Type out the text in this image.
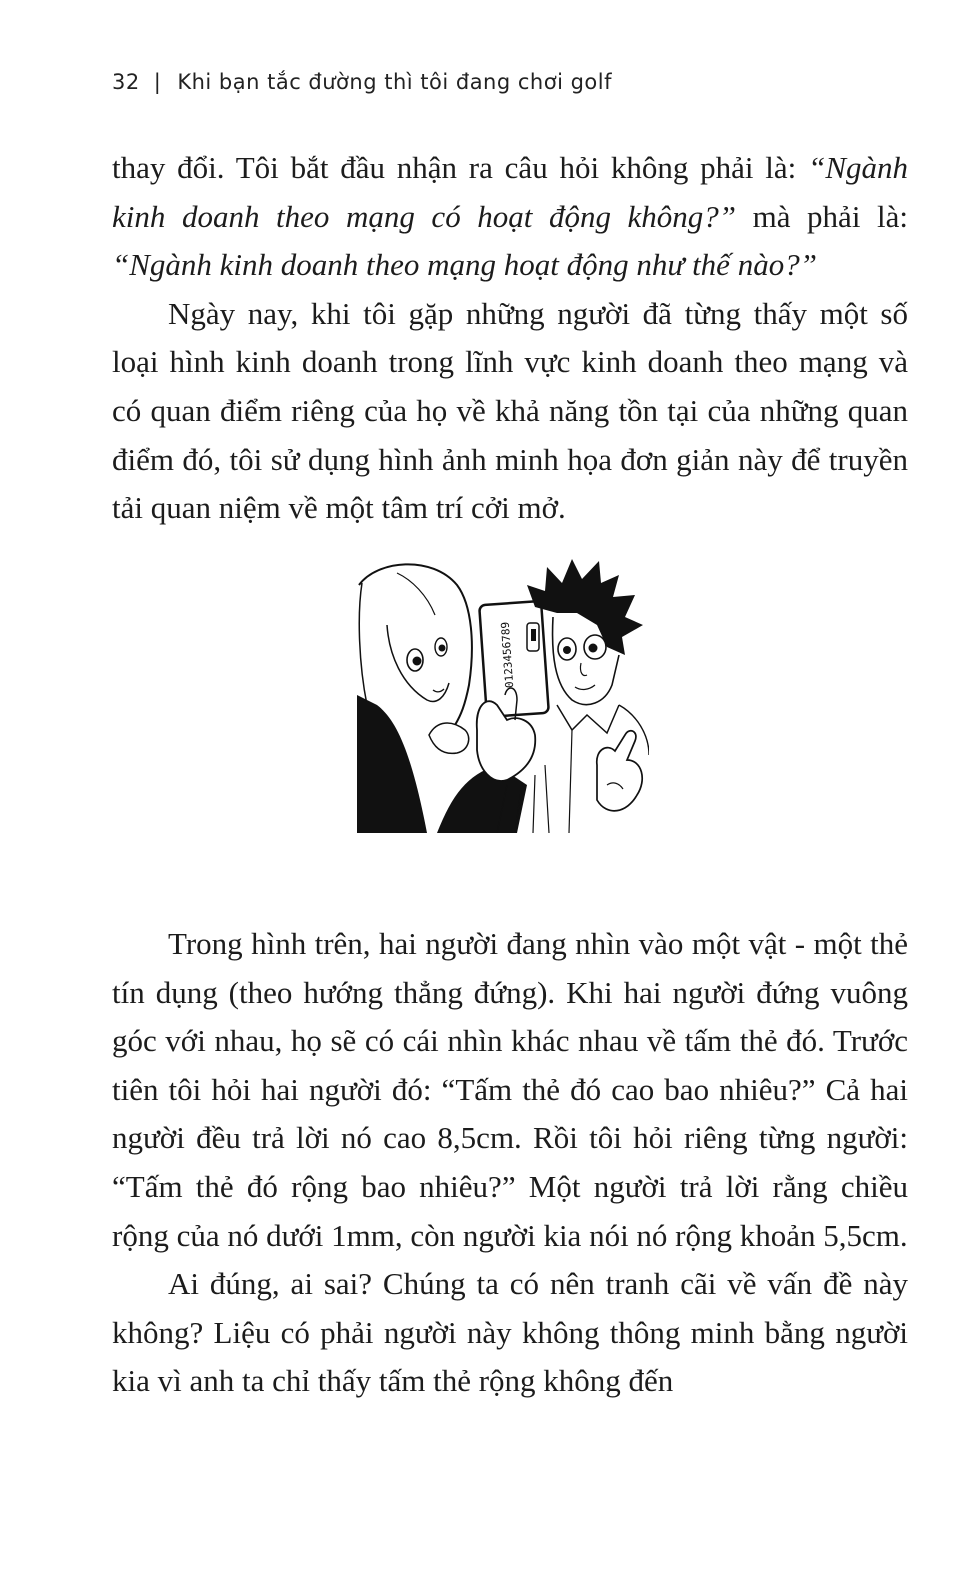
32 | Khi bạn tắc đường thì tôi đang chơi golf

thay đổi. Tôi bắt đầu nhận ra câu hỏi không phải là: “Ngành kinh doanh theo mạng có hoạt động không?” mà phải là: “Ngành kinh doanh theo mạng hoạt động như thế nào?”

Ngày nay, khi tôi gặp những người đã từng thấy một số loại hình kinh doanh trong lĩnh vực kinh doanh theo mạng và có quan điểm riêng của họ về khả năng tồn tại của những quan điểm đó, tôi sử dụng hình ảnh minh họa đơn giản này để truyền tải quan niệm về một tâm trí cởi mở.

0123456789

Trong hình trên, hai người đang nhìn vào một vật - một thẻ tín dụng (theo hướng thẳng đứng). Khi hai người đứng vuông góc với nhau, họ sẽ có cái nhìn khác nhau về tấm thẻ đó. Trước tiên tôi hỏi hai người đó: “Tấm thẻ đó cao bao nhiêu?” Cả hai người đều trả lời nó cao 8,5cm. Rồi tôi hỏi riêng từng người: “Tấm thẻ đó rộng bao nhiêu?” Một người trả lời rằng chiều rộng của nó dưới 1mm, còn người kia nói nó rộng khoản 5,5cm.

Ai đúng, ai sai? Chúng ta có nên tranh cãi về vấn đề này không? Liệu có phải người này không thông minh bằng người kia vì anh ta chỉ thấy tấm thẻ rộng không đến
